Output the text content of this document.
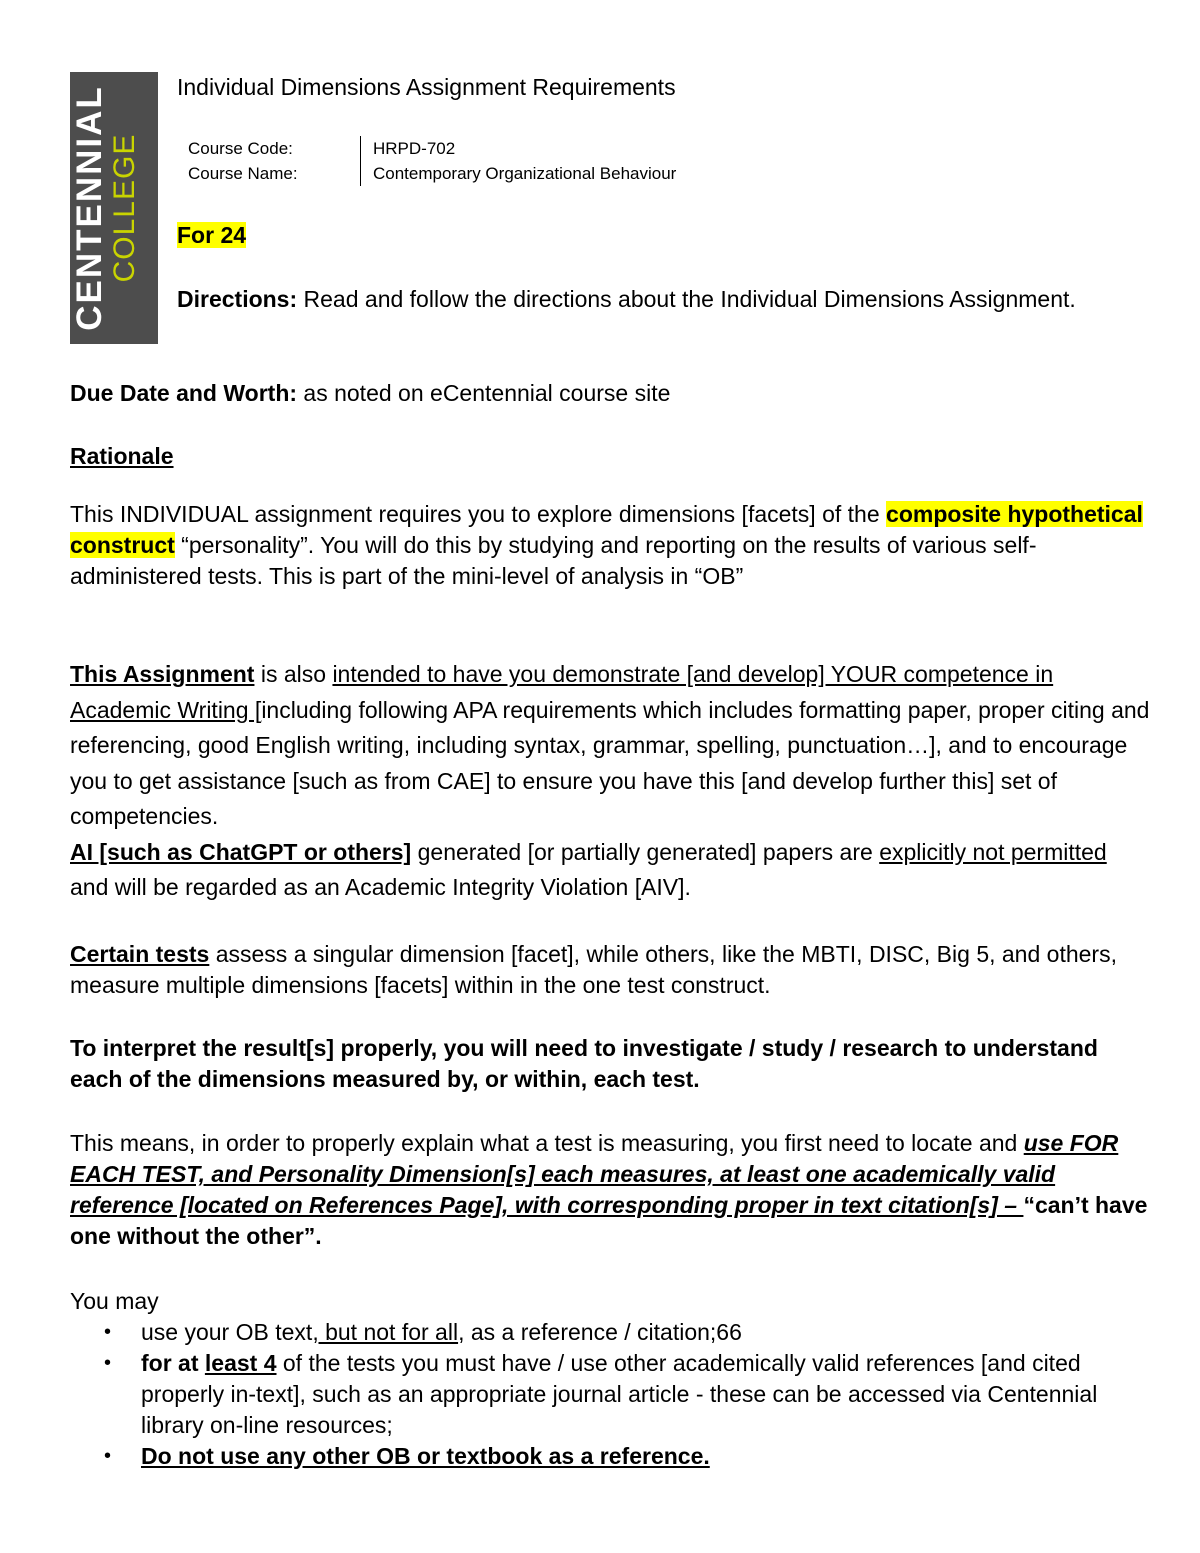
CENTENNIAL COLLEGE
Individual Dimensions Assignment Requirements
Course Code:	HRPD-702
Course Name:	Contemporary Organizational Behaviour
For 24
Directions: Read and follow the directions about the Individual Dimensions Assignment.
Due Date and Worth: as noted on eCentennial course site
Rationale
This INDIVIDUAL assignment requires you to explore dimensions [facets] of the composite hypothetical construct “personality”. You will do this by studying and reporting on the results of various self-administered tests. This is part of the mini-level of analysis in “OB”
This Assignment is also intended to have you demonstrate [and develop] YOUR competence in Academic Writing [including following APA requirements which includes formatting paper, proper citing and referencing, good English writing, including syntax, grammar, spelling, punctuation…], and to encourage you to get assistance [such as from CAE] to ensure you have this [and develop further this] set of competencies.
AI [such as ChatGPT or others] generated [or partially generated] papers are explicitly not permitted and will be regarded as an Academic Integrity Violation [AIV].
Certain tests assess a singular dimension [facet], while others, like the MBTI, DISC, Big 5, and others, measure multiple dimensions [facets] within in the one test construct.
To interpret the result[s] properly, you will need to investigate / study / research to understand each of the dimensions measured by, or within, each test.
This means, in order to properly explain what a test is measuring, you first need to locate and use FOR EACH TEST, and Personality Dimension[s] each measures, at least one academically valid reference [located on References Page], with corresponding proper in text citation[s] – “can’t have one without the other”.
You may
• use your OB text, but not for all, as a reference / citation;66
• for at least 4 of the tests you must have / use other academically valid references [and cited properly in-text], such as an appropriate journal article - these can be accessed via Centennial library on-line resources;
• Do not use any other OB or textbook as a reference.
